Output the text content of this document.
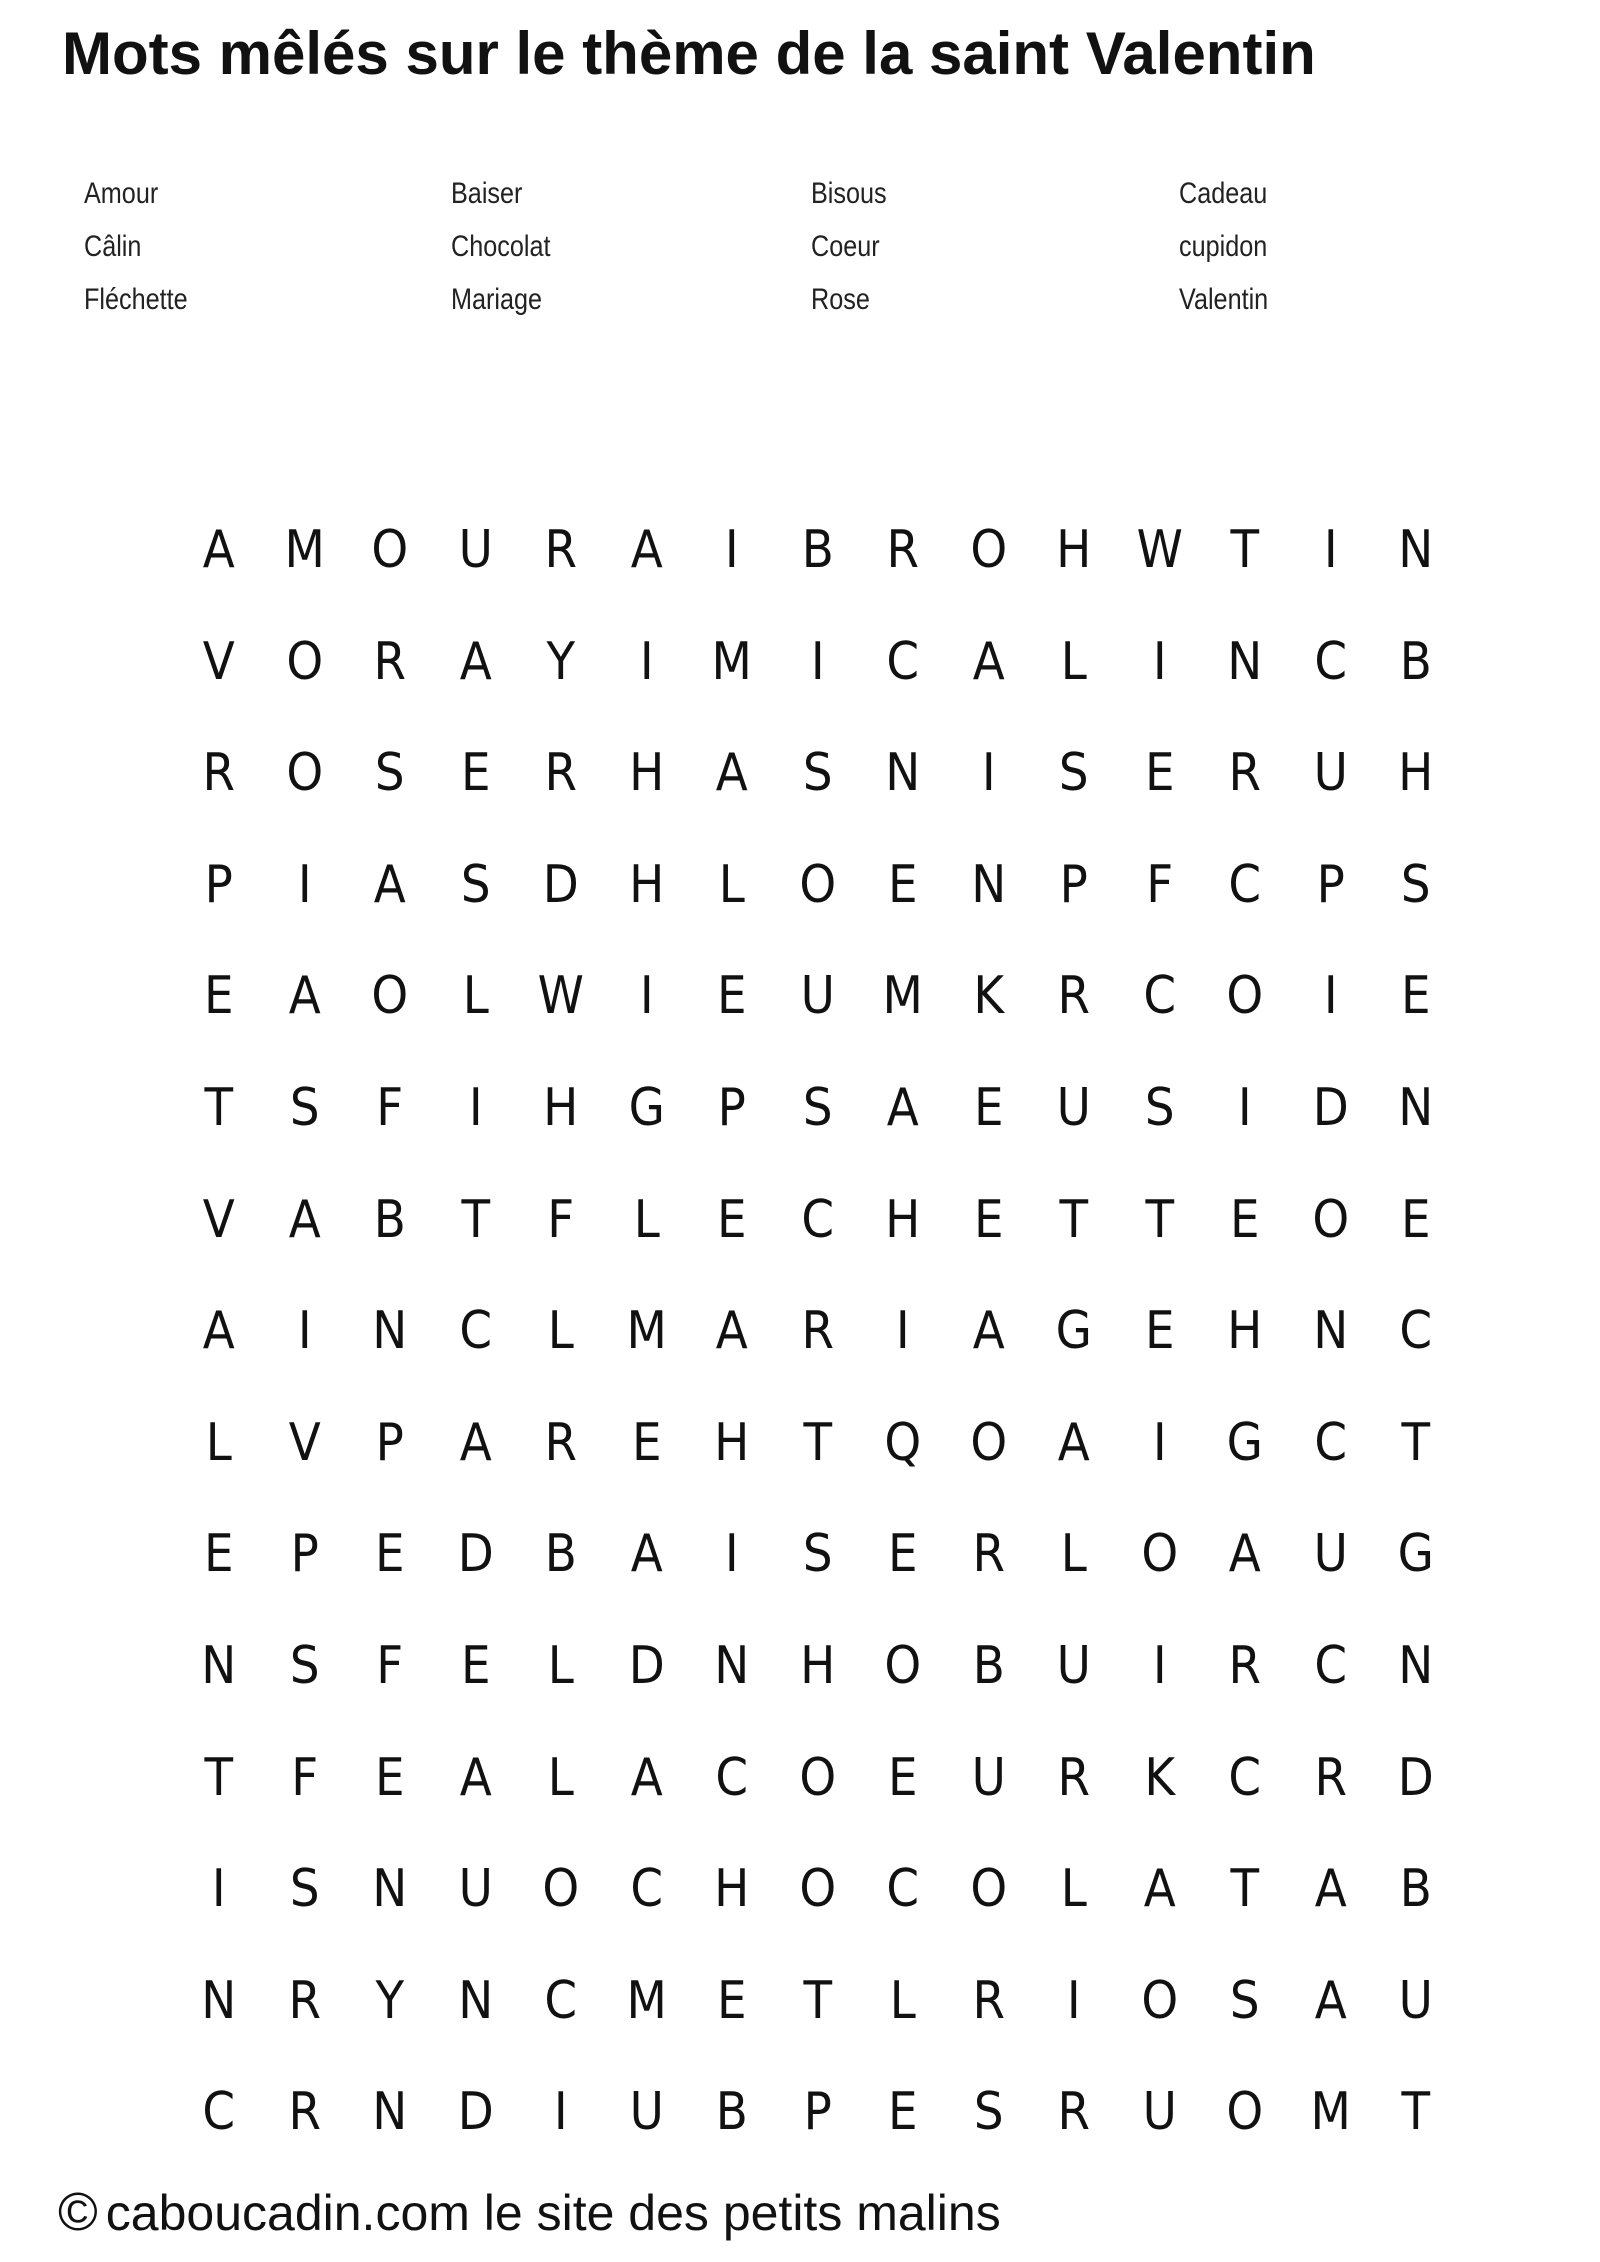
Mots mêlés sur le thème de la saint Valentin
Amour	Baiser	Bisous	Cadeau
Câlin	Chocolat	Coeur	cupidon
Fléchette	Mariage	Rose	Valentin
A M O U	R	A	I	B	R O H W T	I	N
V O R	A	Y	I	M	I	C	A	L	I	N C	B
R O	S	E	R H A	S	N	I	S	E	R	U H
P	I	A	S	D H	L	O	E	N	P	F	C	P	S
E	A O	L W	I	E	U M K	R	C O	I	E
T	S	F	I	H G	P	S	A	E	U	S	I	D N
V	A	B	T	F	L	E	C H	E	T	T	E	O	E
A	I	N C	L	M A	R	I	A G	E	H N C
L	V	P	A	R	E	H	T	Q O A	I	G C	T
E	P	E	D B	A	I	S	E	R	L	O A	U G
N	S	F	E	L	D N H O B	U	I	R	C N
T	F	E	A	L	A	C O	E	U	R	K	C	R D
I	S	N U O C H O C O	L	A	T	A	B
N R	Y	N C M E	T	L	R	I	O	S	A	U
C	R N D	I	U	B	P	E	S	R	U O M T

© caboucadin.com le site des petits malins
